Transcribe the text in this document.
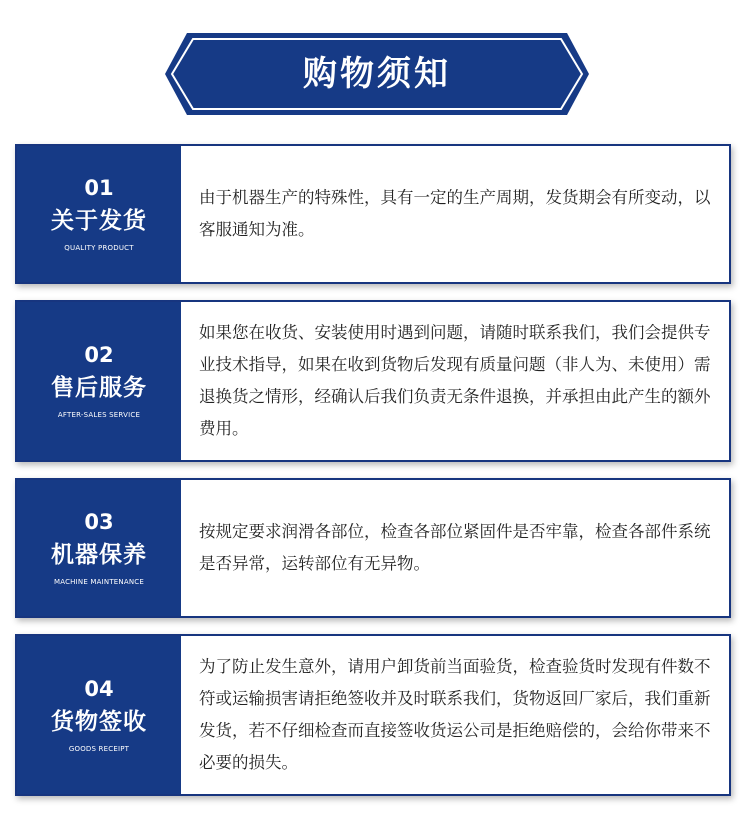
购物须知
01
关于发货
QUALITY PRODUCT

由于机器生产的特殊性，具有一定的生产周期，发货期会有所变动，以客服通知为准。

02
售后服务
AFTER-SALES SERVICE

如果您在收货、安装使用时遇到问题，请随时联系我们，我们会提供专业技术指导，如果在收到货物后发现有质量问题（非人为、未使用）需退换货之情形，经确认后我们负责无条件退换，并承担由此产生的额外费用。

03
机器保养
MACHINE MAINTENANCE

按规定要求润滑各部位，检查各部位紧固件是否牢靠，检查各部件系统是否异常，运转部位有无异物。

04
货物签收
GOODS RECEIPT

为了防止发生意外，请用户卸货前当面验货，检查验货时发现有件数不符或运输损害请拒绝签收并及时联系我们，货物返回厂家后，我们重新发货，若不仔细检查而直接签收货运公司是拒绝赔偿的，会给你带来不必要的损失。
